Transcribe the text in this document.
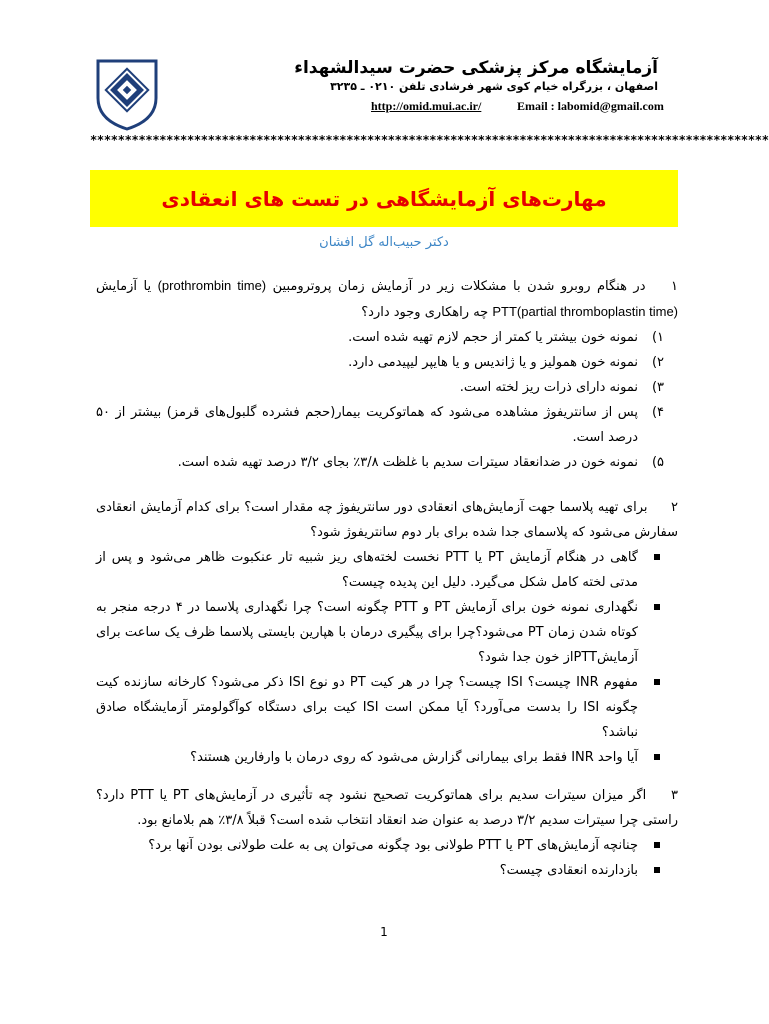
آزمایشگاه مرکز پزشکی حضرت سیدالشهداء
اصفهان ، بزرگراه خیام کوی شهر فرشادی تلفن ۰۲۱۰ ـ ۳۲۳۵
http://omid.mui.ac.ir/	Email : labomid@gmail.com
**************************************************************************************************
مهارت‌های آزمایشگاهی در تست های انعقادی
دکتر حبیب‌اله گل افشان
۱ در هنگام روبرو شدن با مشکلات زیر در آزمایش زمان پروترومبین (prothrombin time) یا آزمایش PTT(partial thromboplastin time) چه راهکاری وجود دارد؟
۱)
نمونه خون بیشتر یا کمتر از حجم لازم تهیه شده است.
۲)
نمونه خون همولیز و یا ژاندیس و یا هایپر لیپیدمی دارد.
۳)
نمونه دارای ذرات ریز لخته است.
۴)
پس از سانتریفوژ مشاهده می‌شود که هماتوکریت بیمار(حجم فشرده گلبول‌های قرمز) بیشتر از ۵۰ درصد است.
۵)
نمونه خون در ضدانعقاد سیترات سدیم با غلظت ۳/۸٪ بجای ۳/۲ درصد تهیه شده است.
۲ برای تهیه پلاسما جهت آزمایش‌های انعقادی دور سانتریفوژ چه مقدار است؟ برای کدام آزمایش انعقادی سفارش می‌شود که پلاسمای جدا شده برای بار دوم سانتریفوژ شود؟
گاهی در هنگام آزمایش PT یا PTT نخست لخته‌های ریز شبیه تار عنکبوت ظاهر می‌شود و پس از مدتی لخته کامل شکل می‌گیرد. دلیل این پدیده چیست؟
نگهداری نمونه خون برای آزمایش PT و PTT چگونه است؟ چرا نگهداری پلاسما در ۴ درجه منجر به کوتاه شدن زمان PT می‌شود؟چرا برای پیگیری درمان با هپارین بایستی پلاسما ظرف یک ساعت برای آزمایشPTTاز خون جدا شود؟
مفهوم INR چیست؟ ISI چیست؟ چرا در هر کیت PT دو نوع ISI ذکر می‌شود؟ کارخانه سازنده کیت چگونه ISI را بدست می‌آورد؟ آیا ممکن است ISI کیت برای دستگاه کوآگولومتر آزمایشگاه صادق نباشد؟
آیا واحد INR فقط برای بیمارانی گزارش می‌شود که روی درمان با وارفارین هستند؟
۳ اگر میزان سیترات سدیم برای هماتوکریت تصحیح نشود چه تأثیری در آزمایش‌های PT یا PTT دارد؟ راستی چرا سیترات سدیم ۳/۲ درصد به عنوان ضد انعقاد انتخاب شده است؟ قبلاً ۳/۸٪ هم بلامانع بود.
چنانچه آزمایش‌های PT یا PTT طولانی بود چگونه می‌توان پی به علت طولانی بودن آنها برد؟
بازدارنده انعقادی چیست؟
1
